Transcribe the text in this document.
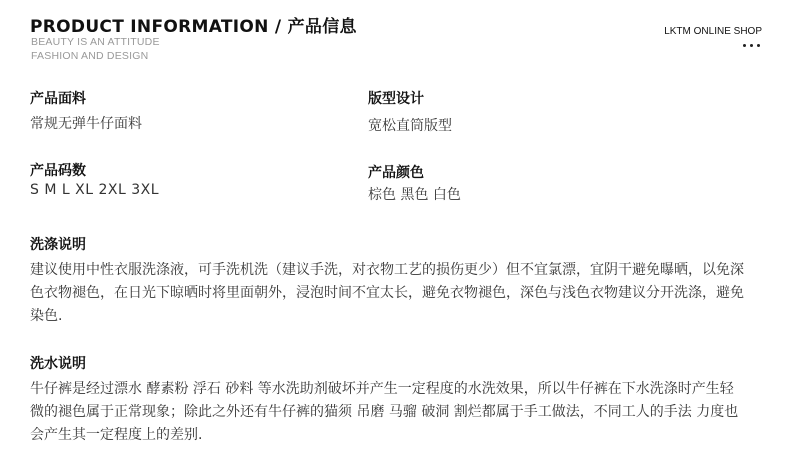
PRODUCT INFORMATION / 产品信息
BEAUTY IS AN ATTITUDE
FASHION AND DESIGN
LKTM ONLINE SHOP
产品面料
常规无弹牛仔面料
版型设计
宽松直筒版型
产品码数
S M L XL 2XL 3XL
产品颜色
棕色 黑色 白色
洗涤说明
建议使用中性衣服洗涤液，可手洗机洗（建议手洗，对衣物工艺的损伤更少）但不宜氯漂，宜阴干避免曝晒，以免深色衣物褪色，在日光下晾晒时将里面朝外，浸泡时间不宜太长，避免衣物褪色，深色与浅色衣物建议分开洗涤，避免染色.
洗水说明
牛仔裤是经过漂水 酵素粉 浮石 砂料 等水洗助剂破坏并产生一定程度的水洗效果，所以牛仔裤在下水洗涤时产生轻微的褪色属于正常现象；除此之外还有牛仔裤的猫须 吊磨 马骝 破洞 割烂都属于手工做法，不同工人的手法 力度也会产生其一定程度上的差别.
